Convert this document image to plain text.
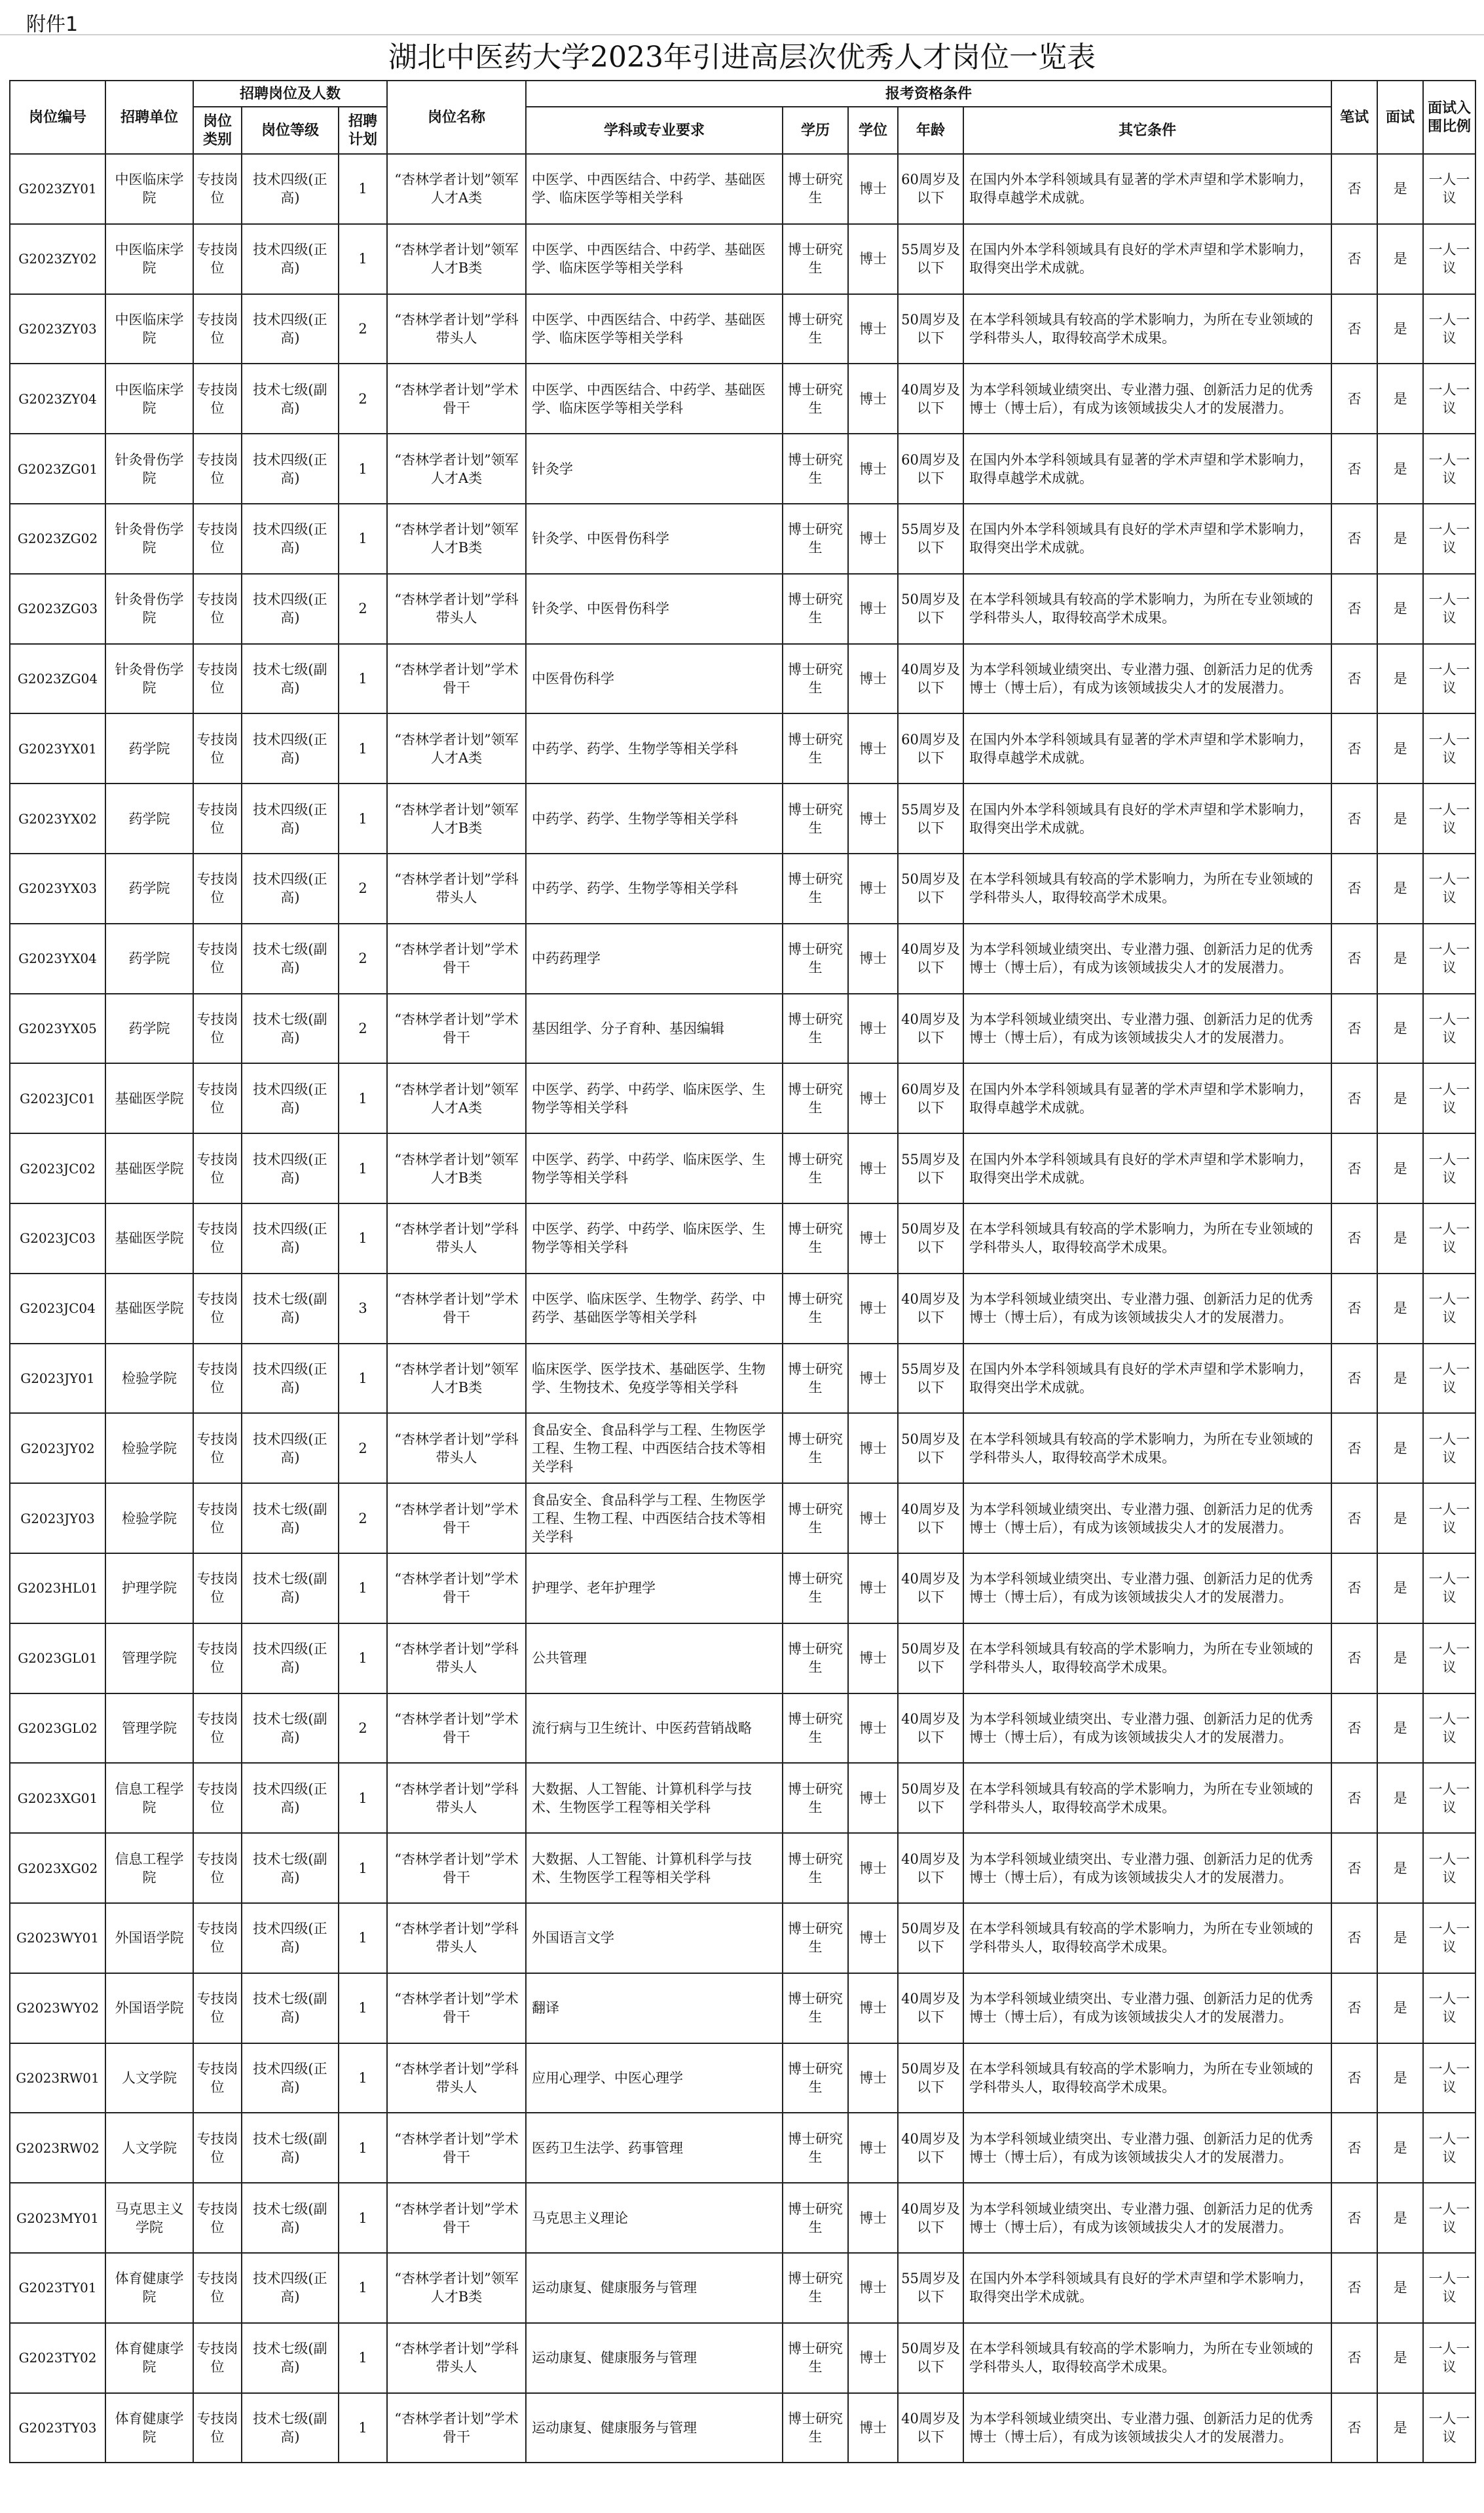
附件1
湖北中医药大学2023年引进高层次优秀人才岗位一览表
岗位编号	招聘单位	招聘岗位及人数			岗位名称	报考资格条件					笔试	面试	面试入围比例
		岗位类别	岗位等级	招聘计划		学科或专业要求	学历	学位	年龄	其它条件			
G2023ZY01	中医临床学院	专技岗位	技术四级(正高)	1	“杏林学者计划”领军人才A类	中医学、中西医结合、中药学、基础医学、临床医学等相关学科	博士研究生	博士	60周岁及以下	在国内外本学科领域具有显著的学术声望和学术影响力，取得卓越学术成就。	否	是	一人一议
G2023ZY02	中医临床学院	专技岗位	技术四级(正高)	1	“杏林学者计划”领军人才B类	中医学、中西医结合、中药学、基础医学、临床医学等相关学科	博士研究生	博士	55周岁及以下	在国内外本学科领域具有良好的学术声望和学术影响力，取得突出学术成就。	否	是	一人一议
G2023ZY03	中医临床学院	专技岗位	技术四级(正高)	2	“杏林学者计划”学科带头人	中医学、中西医结合、中药学、基础医学、临床医学等相关学科	博士研究生	博士	50周岁及以下	在本学科领域具有较高的学术影响力，为所在专业领域的学科带头人，取得较高学术成果。	否	是	一人一议
G2023ZY04	中医临床学院	专技岗位	技术七级(副高)	2	“杏林学者计划”学术骨干	中医学、中西医结合、中药学、基础医学、临床医学等相关学科	博士研究生	博士	40周岁及以下	为本学科领域业绩突出、专业潜力强、创新活力足的优秀博士（博士后），有成为该领域拔尖人才的发展潜力。	否	是	一人一议
G2023ZG01	针灸骨伤学院	专技岗位	技术四级(正高)	1	“杏林学者计划”领军人才A类	针灸学	博士研究生	博士	60周岁及以下	在国内外本学科领域具有显著的学术声望和学术影响力，取得卓越学术成就。	否	是	一人一议
G2023ZG02	针灸骨伤学院	专技岗位	技术四级(正高)	1	“杏林学者计划”领军人才B类	针灸学、中医骨伤科学	博士研究生	博士	55周岁及以下	在国内外本学科领域具有良好的学术声望和学术影响力，取得突出学术成就。	否	是	一人一议
G2023ZG03	针灸骨伤学院	专技岗位	技术四级(正高)	2	“杏林学者计划”学科带头人	针灸学、中医骨伤科学	博士研究生	博士	50周岁及以下	在本学科领域具有较高的学术影响力，为所在专业领域的学科带头人，取得较高学术成果。	否	是	一人一议
G2023ZG04	针灸骨伤学院	专技岗位	技术七级(副高)	1	“杏林学者计划”学术骨干	中医骨伤科学	博士研究生	博士	40周岁及以下	为本学科领域业绩突出、专业潜力强、创新活力足的优秀博士（博士后），有成为该领域拔尖人才的发展潜力。	否	是	一人一议
G2023YX01	药学院	专技岗位	技术四级(正高)	1	“杏林学者计划”领军人才A类	中药学、药学、生物学等相关学科	博士研究生	博士	60周岁及以下	在国内外本学科领域具有显著的学术声望和学术影响力，取得卓越学术成就。	否	是	一人一议
G2023YX02	药学院	专技岗位	技术四级(正高)	1	“杏林学者计划”领军人才B类	中药学、药学、生物学等相关学科	博士研究生	博士	55周岁及以下	在国内外本学科领域具有良好的学术声望和学术影响力，取得突出学术成就。	否	是	一人一议
G2023YX03	药学院	专技岗位	技术四级(正高)	2	“杏林学者计划”学科带头人	中药学、药学、生物学等相关学科	博士研究生	博士	50周岁及以下	在本学科领域具有较高的学术影响力，为所在专业领域的学科带头人，取得较高学术成果。	否	是	一人一议
G2023YX04	药学院	专技岗位	技术七级(副高)	2	“杏林学者计划”学术骨干	中药药理学	博士研究生	博士	40周岁及以下	为本学科领域业绩突出、专业潜力强、创新活力足的优秀博士（博士后），有成为该领域拔尖人才的发展潜力。	否	是	一人一议
G2023YX05	药学院	专技岗位	技术七级(副高)	2	“杏林学者计划”学术骨干	基因组学、分子育种、基因编辑	博士研究生	博士	40周岁及以下	为本学科领域业绩突出、专业潜力强、创新活力足的优秀博士（博士后），有成为该领域拔尖人才的发展潜力。	否	是	一人一议
G2023JC01	基础医学院	专技岗位	技术四级(正高)	1	“杏林学者计划”领军人才A类	中医学、药学、中药学、临床医学、生物学等相关学科	博士研究生	博士	60周岁及以下	在国内外本学科领域具有显著的学术声望和学术影响力，取得卓越学术成就。	否	是	一人一议
G2023JC02	基础医学院	专技岗位	技术四级(正高)	1	“杏林学者计划”领军人才B类	中医学、药学、中药学、临床医学、生物学等相关学科	博士研究生	博士	55周岁及以下	在国内外本学科领域具有良好的学术声望和学术影响力，取得突出学术成就。	否	是	一人一议
G2023JC03	基础医学院	专技岗位	技术四级(正高)	1	“杏林学者计划”学科带头人	中医学、药学、中药学、临床医学、生物学等相关学科	博士研究生	博士	50周岁及以下	在本学科领域具有较高的学术影响力，为所在专业领域的学科带头人，取得较高学术成果。	否	是	一人一议
G2023JC04	基础医学院	专技岗位	技术七级(副高)	3	“杏林学者计划”学术骨干	中医学、临床医学、生物学、药学、中药学、基础医学等相关学科	博士研究生	博士	40周岁及以下	为本学科领域业绩突出、专业潜力强、创新活力足的优秀博士（博士后），有成为该领域拔尖人才的发展潜力。	否	是	一人一议
G2023JY01	检验学院	专技岗位	技术四级(正高)	1	“杏林学者计划”领军人才B类	临床医学、医学技术、基础医学、生物学、生物技术、免疫学等相关学科	博士研究生	博士	55周岁及以下	在国内外本学科领域具有良好的学术声望和学术影响力，取得突出学术成就。	否	是	一人一议
G2023JY02	检验学院	专技岗位	技术四级(正高)	2	“杏林学者计划”学科带头人	食品安全、食品科学与工程、生物医学工程、生物工程、中西医结合技术等相关学科	博士研究生	博士	50周岁及以下	在本学科领域具有较高的学术影响力，为所在专业领域的学科带头人，取得较高学术成果。	否	是	一人一议
G2023JY03	检验学院	专技岗位	技术七级(副高)	2	“杏林学者计划”学术骨干	食品安全、食品科学与工程、生物医学工程、生物工程、中西医结合技术等相关学科	博士研究生	博士	40周岁及以下	为本学科领域业绩突出、专业潜力强、创新活力足的优秀博士（博士后），有成为该领域拔尖人才的发展潜力。	否	是	一人一议
G2023HL01	护理学院	专技岗位	技术七级(副高)	1	“杏林学者计划”学术骨干	护理学、老年护理学	博士研究生	博士	40周岁及以下	为本学科领域业绩突出、专业潜力强、创新活力足的优秀博士（博士后），有成为该领域拔尖人才的发展潜力。	否	是	一人一议
G2023GL01	管理学院	专技岗位	技术四级(正高)	1	“杏林学者计划”学科带头人	公共管理	博士研究生	博士	50周岁及以下	在本学科领域具有较高的学术影响力，为所在专业领域的学科带头人，取得较高学术成果。	否	是	一人一议
G2023GL02	管理学院	专技岗位	技术七级(副高)	2	“杏林学者计划”学术骨干	流行病与卫生统计、中医药营销战略	博士研究生	博士	40周岁及以下	为本学科领域业绩突出、专业潜力强、创新活力足的优秀博士（博士后），有成为该领域拔尖人才的发展潜力。	否	是	一人一议
G2023XG01	信息工程学院	专技岗位	技术四级(正高)	1	“杏林学者计划”学科带头人	大数据、人工智能、计算机科学与技术、生物医学工程等相关学科	博士研究生	博士	50周岁及以下	在本学科领域具有较高的学术影响力，为所在专业领域的学科带头人，取得较高学术成果。	否	是	一人一议
G2023XG02	信息工程学院	专技岗位	技术七级(副高)	1	“杏林学者计划”学术骨干	大数据、人工智能、计算机科学与技术、生物医学工程等相关学科	博士研究生	博士	40周岁及以下	为本学科领域业绩突出、专业潜力强、创新活力足的优秀博士（博士后），有成为该领域拔尖人才的发展潜力。	否	是	一人一议
G2023WY01	外国语学院	专技岗位	技术四级(正高)	1	“杏林学者计划”学科带头人	外国语言文学	博士研究生	博士	50周岁及以下	在本学科领域具有较高的学术影响力，为所在专业领域的学科带头人，取得较高学术成果。	否	是	一人一议
G2023WY02	外国语学院	专技岗位	技术七级(副高)	1	“杏林学者计划”学术骨干	翻译	博士研究生	博士	40周岁及以下	为本学科领域业绩突出、专业潜力强、创新活力足的优秀博士（博士后），有成为该领域拔尖人才的发展潜力。	否	是	一人一议
G2023RW01	人文学院	专技岗位	技术四级(正高)	1	“杏林学者计划”学科带头人	应用心理学、中医心理学	博士研究生	博士	50周岁及以下	在本学科领域具有较高的学术影响力，为所在专业领域的学科带头人，取得较高学术成果。	否	是	一人一议
G2023RW02	人文学院	专技岗位	技术七级(副高)	1	“杏林学者计划”学术骨干	医药卫生法学、药事管理	博士研究生	博士	40周岁及以下	为本学科领域业绩突出、专业潜力强、创新活力足的优秀博士（博士后），有成为该领域拔尖人才的发展潜力。	否	是	一人一议
G2023MY01	马克思主义学院	专技岗位	技术七级(副高)	1	“杏林学者计划”学术骨干	马克思主义理论	博士研究生	博士	40周岁及以下	为本学科领域业绩突出、专业潜力强、创新活力足的优秀博士（博士后），有成为该领域拔尖人才的发展潜力。	否	是	一人一议
G2023TY01	体育健康学院	专技岗位	技术四级(正高)	1	“杏林学者计划”领军人才B类	运动康复、健康服务与管理	博士研究生	博士	55周岁及以下	在国内外本学科领域具有良好的学术声望和学术影响力，取得突出学术成就。	否	是	一人一议
G2023TY02	体育健康学院	专技岗位	技术七级(副高)	1	“杏林学者计划”学科带头人	运动康复、健康服务与管理	博士研究生	博士	50周岁及以下	在本学科领域具有较高的学术影响力，为所在专业领域的学科带头人，取得较高学术成果。	否	是	一人一议
G2023TY03	体育健康学院	专技岗位	技术七级(副高)	1	“杏林学者计划”学术骨干	运动康复、健康服务与管理	博士研究生	博士	40周岁及以下	为本学科领域业绩突出、专业潜力强、创新活力足的优秀博士（博士后），有成为该领域拔尖人才的发展潜力。	否	是	一人一议
